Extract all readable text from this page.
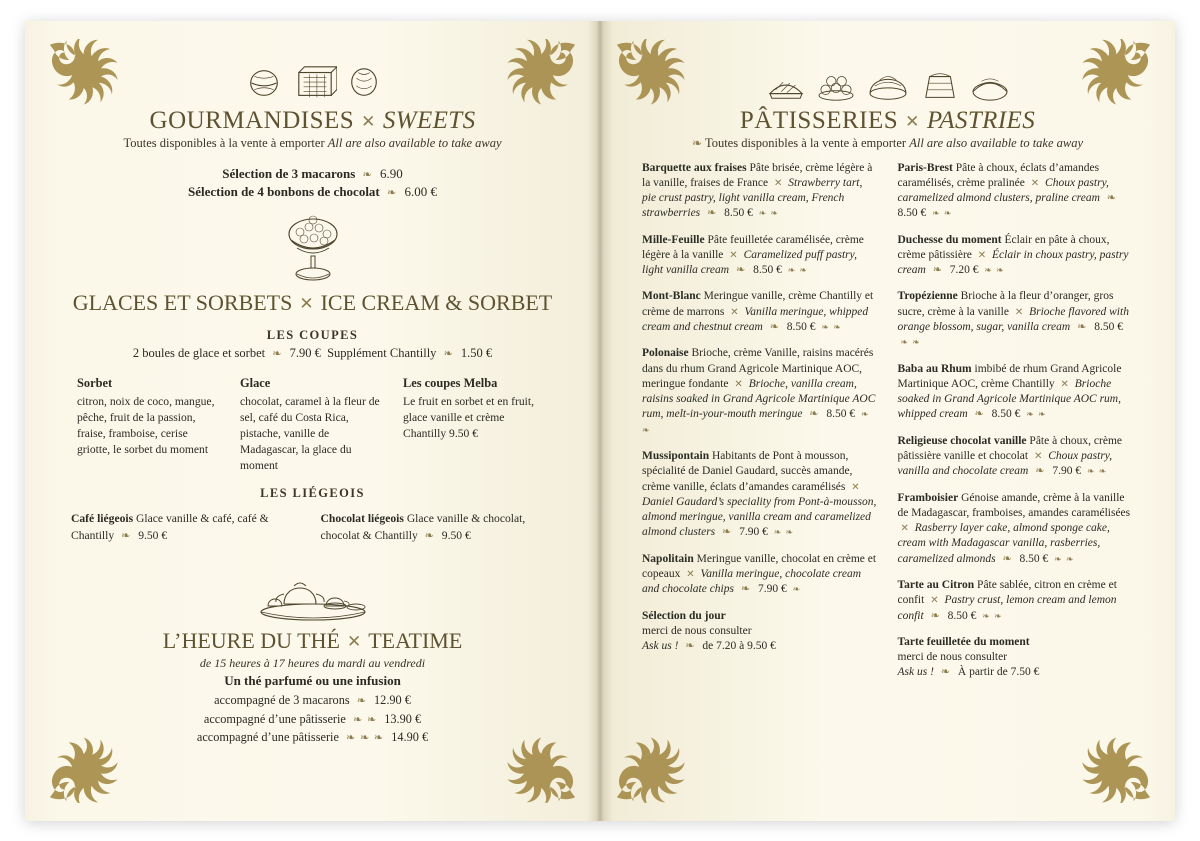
GOURMANDISES ✕ SWEETS
Toutes disponibles à la vente à emporter All are also available to take away
Sélection de 3 macarons ❧ 6.90
Sélection de 4 bonbons de chocolat ❧ 6.00 €
GLACES ET SORBETS ✕ ICE CREAM & SORBET
LES COUPES
2 boules de glace et sorbet ❧ 7.90 € Supplément Chantilly ❧ 1.50 €
Sorbet
citron, noix de coco, mangue, pêche, fruit de la passion, fraise, framboise, cerise griotte, le sorbet du moment
Glace
chocolat, caramel à la fleur de sel, café du Costa Rica, pistache, vanille de Madagascar, la glace du moment
Les coupes Melba
Le fruit en sorbet et en fruit, glace vanille et crème Chantilly 9.50 €
LES LIÉGEOIS
Café liégeois Glace vanille & café, café & Chantilly ❧ 9.50 €
Chocolat liégeois Glace vanille & chocolat, chocolat & Chantilly ❧ 9.50 €
L’HEURE DU THÉ ✕ TEATIME
de 15 heures à 17 heures du mardi au vendredi
Un thé parfumé ou une infusion
accompagné de 3 macarons ❧ 12.90 €
accompagné d’une pâtisserie ❧ ❧ 13.90 €
accompagné d’une pâtisserie ❧ ❧ ❧ 14.90 €
PÂTISSERIES ✕ PASTRIES
❧ Toutes disponibles à la vente à emporter All are also available to take away
Barquette aux fraises Pâte brisée, crème légère à la vanille, fraises de France ✕ Strawberry tart, pie crust pastry, light vanilla cream, French strawberries ❧ 8.50 € ❧ ❧
Mille-Feuille Pâte feuilletée caramélisée, crème légère à la vanille ✕ Caramelized puff pastry, light vanilla cream ❧ 8.50 € ❧ ❧
Mont-Blanc Meringue vanille, crème Chantilly et crème de marrons ✕ Vanilla meringue, whipped cream and chestnut cream ❧ 8.50 € ❧ ❧
Polonaise Brioche, crème Vanille, raisins macérés dans du rhum Grand Agricole Martinique AOC, meringue fondante ✕ Brioche, vanilla cream, raisins soaked in Grand Agricole Martinique AOC rum, melt-in-your-mouth meringue ❧ 8.50 € ❧ ❧
Mussipontain Habitants de Pont à mousson, spécialité de Daniel Gaudard, succès amande, crème vanille, éclats d’amandes caramélisés ✕ Daniel Gaudard’s speciality from Pont-à-mousson, almond meringue, vanilla cream and caramelized almond clusters ❧ 7.90 € ❧ ❧
Napolitain Meringue vanille, chocolat en crème et copeaux ✕ Vanilla meringue, chocolate cream and chocolate chips ❧ 7.90 € ❧
Sélection du jour
merci de nous consulter
Ask us ! ❧ de 7.20 à 9.50 €
Paris-Brest Pâte à choux, éclats d’amandes caramélisés, crème pralinée ✕ Choux pastry, caramelized almond clusters, praline cream ❧ 8.50 € ❧ ❧
Duchesse du moment Éclair en pâte à choux, crème pâtissière ✕ Éclair in choux pastry, pastry cream ❧ 7.20 € ❧ ❧
Tropézienne Brioche à la fleur d’oranger, gros sucre, crème à la vanille ✕ Brioche flavored with orange blossom, sugar, vanilla cream ❧ 8.50 € ❧ ❧
Baba au Rhum imbibé de rhum Grand Agricole Martinique AOC, crème Chantilly ✕ Brioche soaked in Grand Agricole Martinique AOC rum, whipped cream ❧ 8.50 € ❧ ❧
Religieuse chocolat vanille Pâte à choux, crème pâtissière vanille et chocolat ✕ Choux pastry, vanilla and chocolate cream ❧ 7.90 € ❧ ❧
Framboisier Génoise amande, crème à la vanille de Madagascar, framboises, amandes caramélisées ✕ Rasberry layer cake, almond sponge cake, cream with Madagascar vanilla, rasberries, caramelized almonds ❧ 8.50 € ❧ ❧
Tarte au Citron Pâte sablée, citron en crème et confit ✕ Pastry crust, lemon cream and lemon confit ❧ 8.50 € ❧ ❧
Tarte feuilletée du moment
merci de nous consulter
Ask us ! ❧ À partir de 7.50 €
